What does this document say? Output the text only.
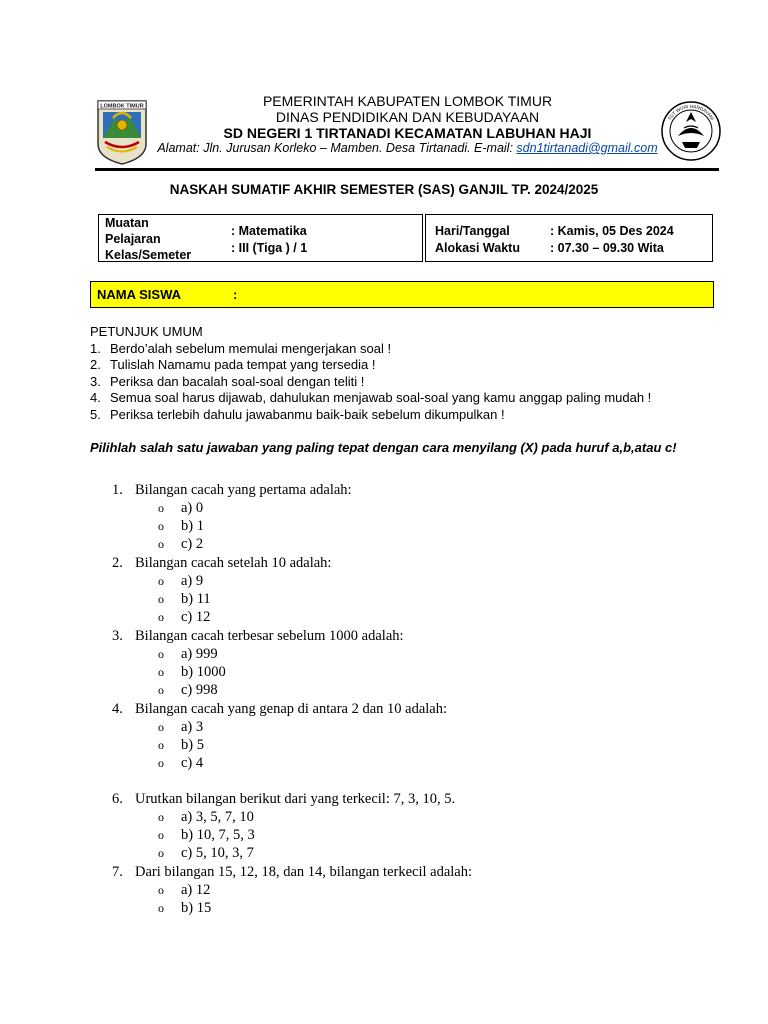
LOMBOK TIMUR	PEMERINTAH KABUPATEN LOMBOK TIMUR
DINAS PENDIDIKAN DAN KEBUDAYAAN
SD NEGERI 1 TIRTANADI KECAMATAN LABUHAN HAJI
Alamat: Jln. Jurusan Korleko – Mamben. Desa Tirtanadi. E-mail: sdn1tirtanadi@gmail.com
TUT WURI HANDAYANI
NASKAH SUMATIF AKHIR SEMESTER (SAS) GANJIL TP. 2024/2025
Muatan
Pelajaran
Kelas/Semeter
: Matematika
: III (Tiga ) / 1
Hari/Tanggal
Alokasi Waktu
: Kamis, 05 Des 2024
: 07.30 – 09.30 Wita
NAMA SISWA	:
PETUNJUK UMUM
1. Berdo’alah sebelum memulai mengerjakan soal !
2. Tulislah Namamu pada tempat yang tersedia !
3. Periksa dan bacalah soal-soal dengan teliti !
4. Semua soal harus dijawab, dahulukan menjawab soal-soal yang kamu anggap paling mudah !
5. Periksa terlebih dahulu jawabanmu baik-baik sebelum dikumpulkan !
Pilihlah salah satu jawaban yang paling tepat dengan cara menyilang (X) pada huruf a,b,atau c!
1. Bilangan cacah yang pertama adalah:
o a) 0
o b) 1
o c) 2
2. Bilangan cacah setelah 10 adalah:
o a) 9
o b) 11
o c) 12
3. Bilangan cacah terbesar sebelum 1000 adalah:
o a) 999
o b) 1000
o c) 998
4. Bilangan cacah yang genap di antara 2 dan 10 adalah:
o a) 3
o b) 5
o c) 4
6. Urutkan bilangan berikut dari yang terkecil: 7, 3, 10, 5.
o a) 3, 5, 7, 10
o b) 10, 7, 5, 3
o c) 5, 10, 3, 7
7. Dari bilangan 15, 12, 18, dan 14, bilangan terkecil adalah:
o a) 12
o b) 15
